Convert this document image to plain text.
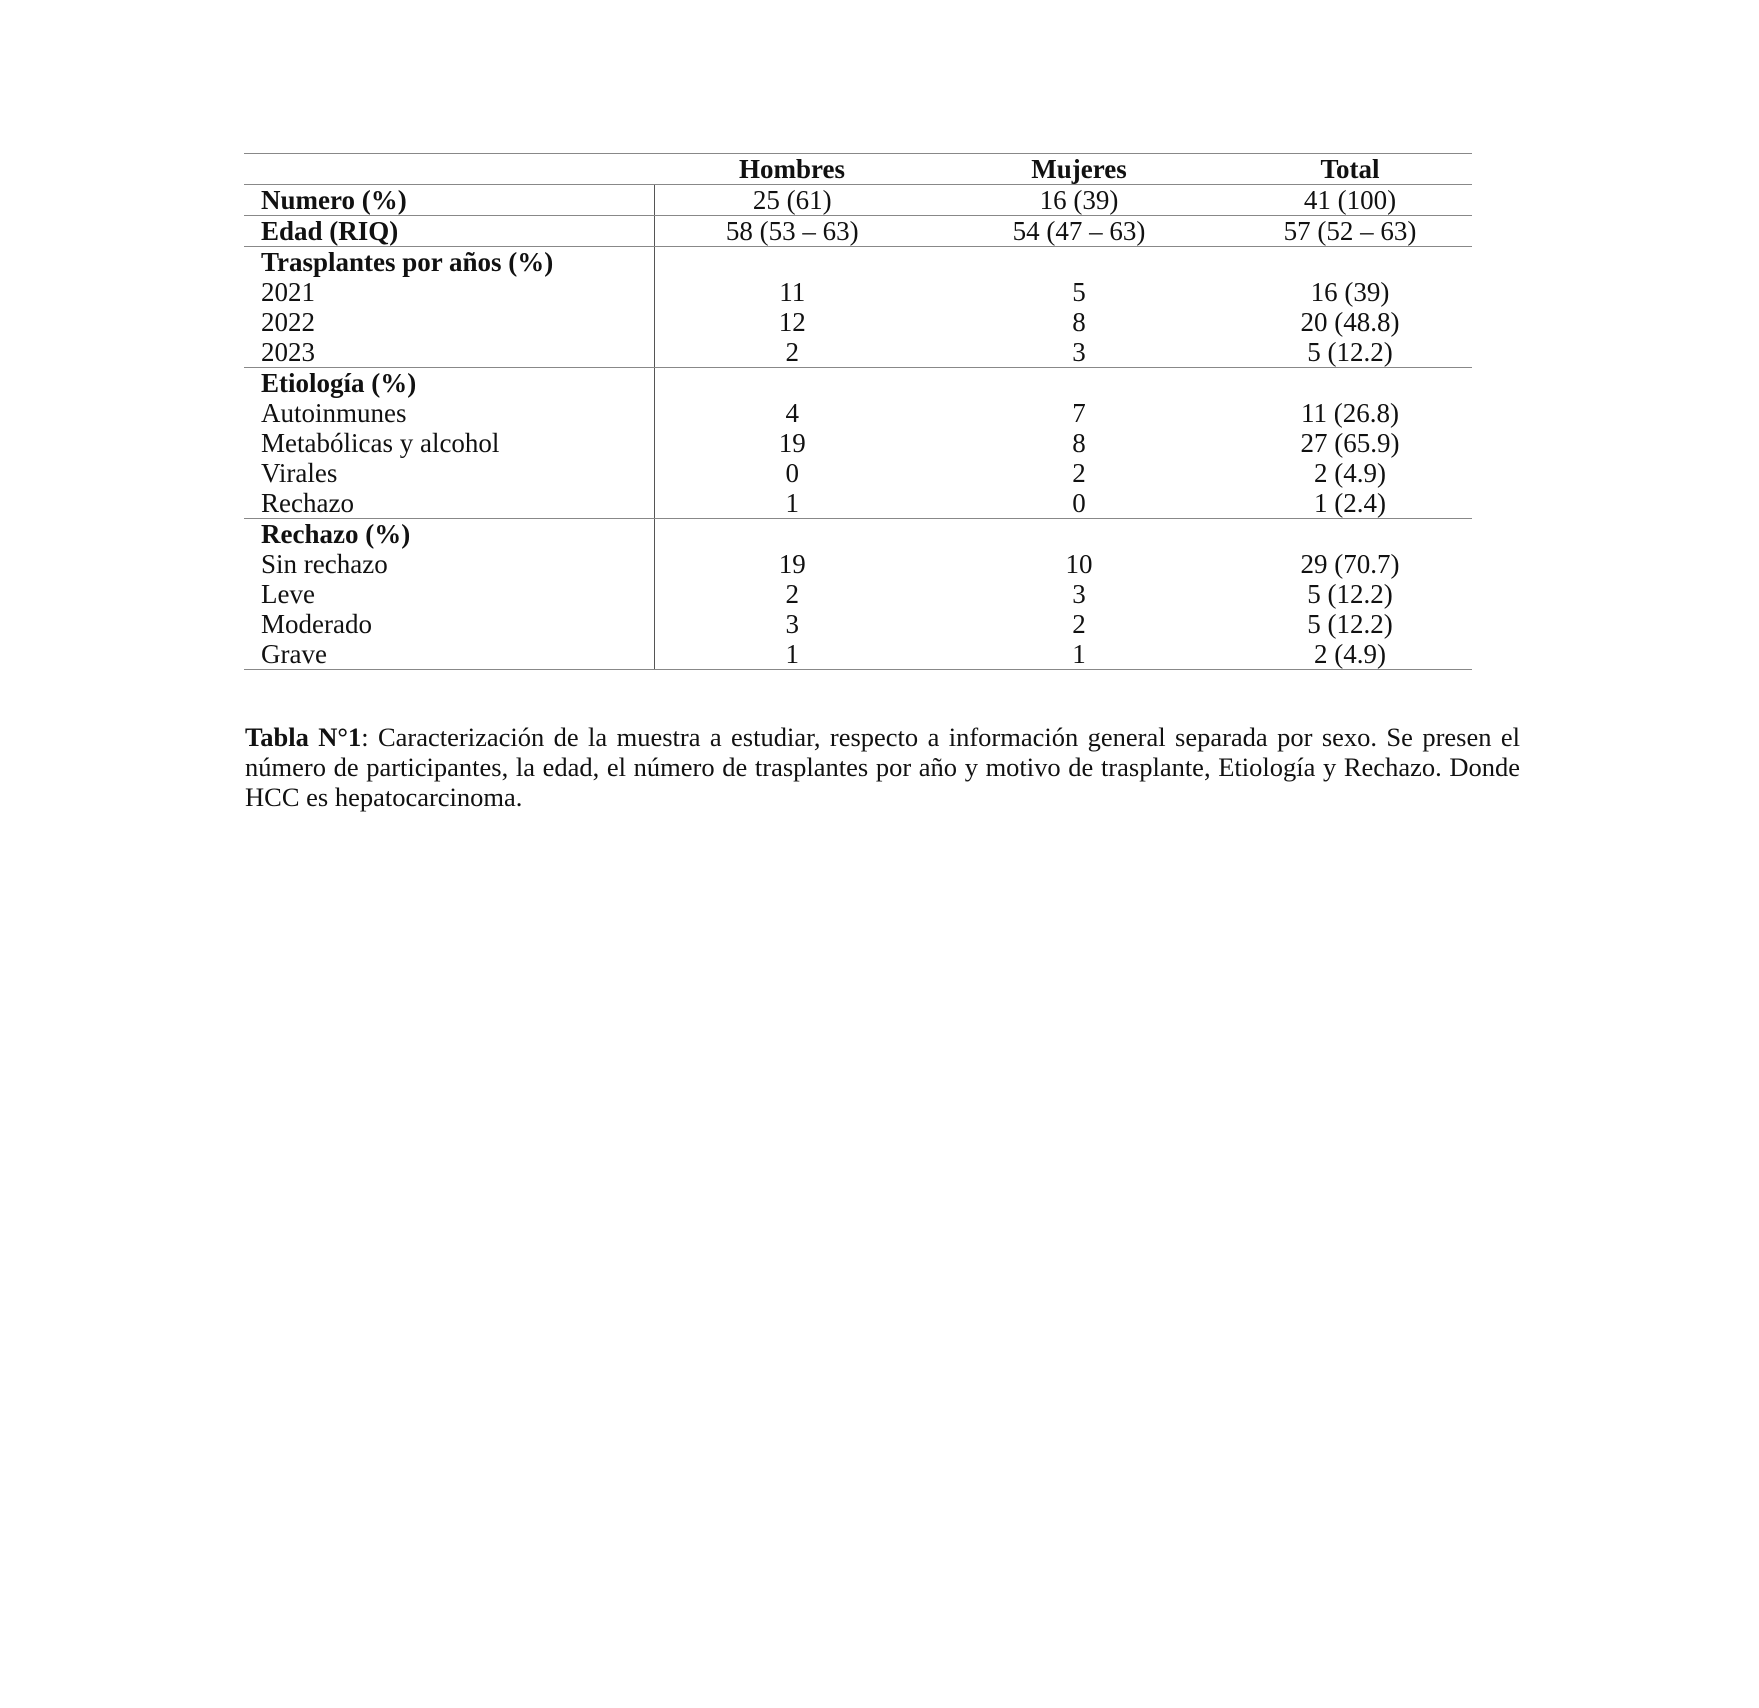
	Hombres	Mujeres	Total
Numero (%)	25 (61)	16 (39)	41 (100)
Edad (RIQ)	58 (53 – 63)	54 (47 – 63)	57 (52 – 63)
Trasplantes por años (%)			
2021	11	5	16 (39)
2022	12	8	20 (48.8)
2023	2	3	5 (12.2)
Etiología (%)			
Autoinmunes	4	7	11 (26.8)
Metabólicas y alcohol	19	8	27 (65.9)
Virales	0	2	2 (4.9)
Rechazo	1	0	1 (2.4)
Rechazo (%)			
Sin rechazo	19	10	29 (70.7)
Leve	2	3	5 (12.2)
Moderado	3	2	5 (12.2)
Grave	1	1	2 (4.9)
Tabla N°1: Caracterización de la muestra a estudiar, respecto a información general separada por sexo. Se presen el número de participantes, la edad, el número de trasplantes por año y motivo de trasplante, Etiología y Rechazo. Donde HCC es hepatocarcinoma.
